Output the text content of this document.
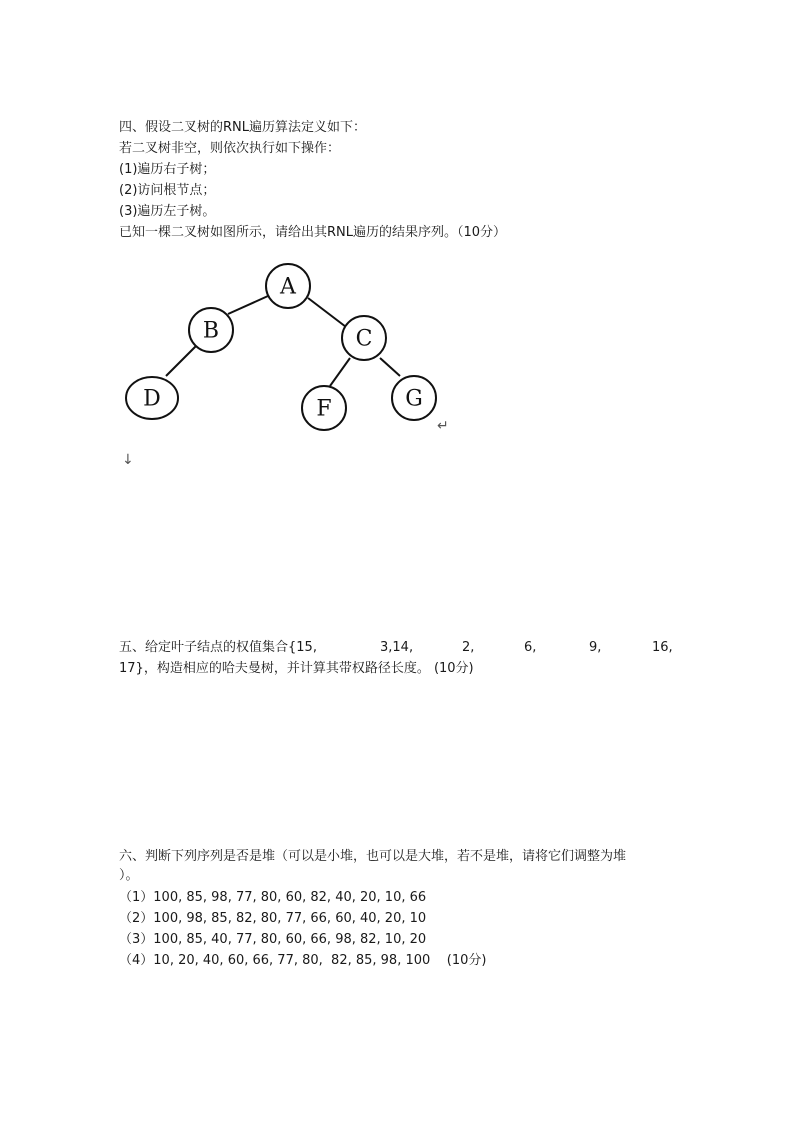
四、假设二叉树的RNL遍历算法定义如下：
若二叉树非空，则依次执行如下操作：
(1)遍历右子树；
(2)访问根节点；
(3)遍历左子树。
已知一棵二叉树如图所示，请给出其RNL遍历的结果序列。（10分）
A
B	C
D	F	G
↵
↓
五、给定叶子结点的权值集合{15,	3,14,	2,	6,	9,	16,
17}，构造相应的哈夫曼树，并计算其带权路径长度。 (10分)
六、判断下列序列是否是堆（可以是小堆，也可以是大堆，若不是堆，请将它们调整为堆
）。
（1）100, 85, 98, 77, 80, 60, 82, 40, 20, 10, 66
（2）100, 98, 85, 82, 80, 77, 66, 60, 40, 20, 10
（3）100, 85, 40, 77, 80, 60, 66, 98, 82, 10, 20
（4）10, 20, 40, 60, 66, 77, 80,  82, 85, 98, 100    (10分)
